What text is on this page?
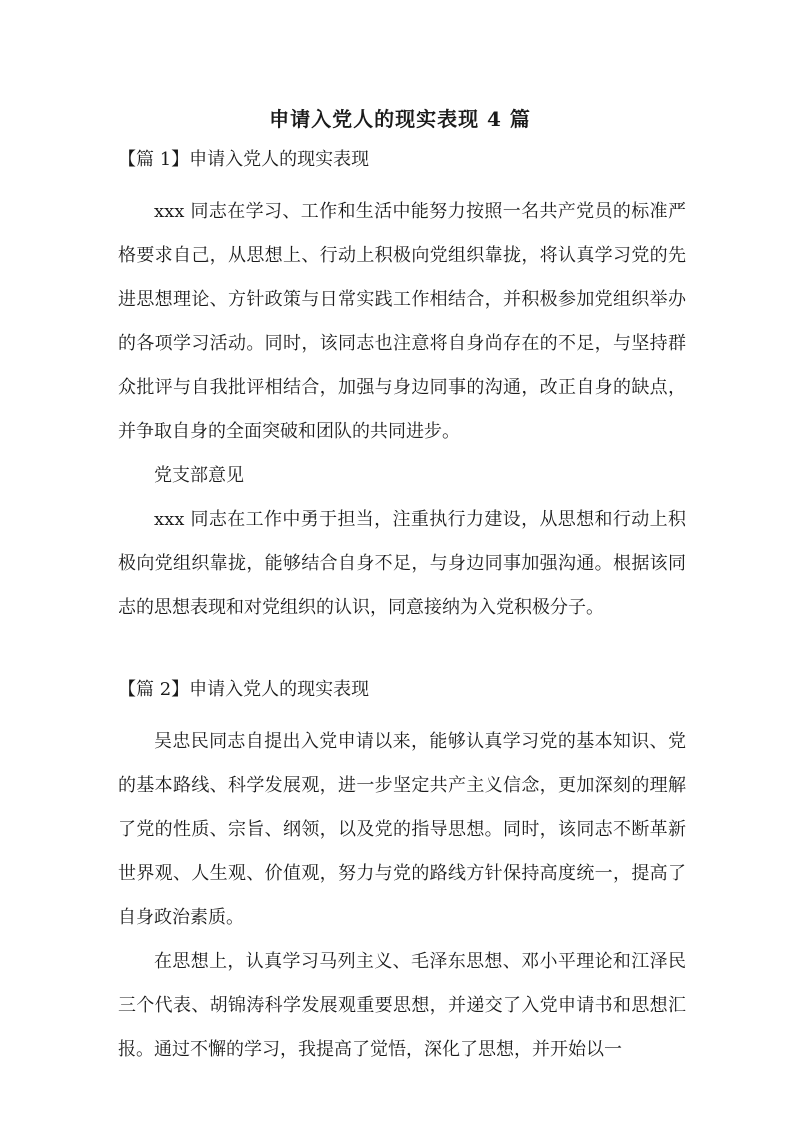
申请入党人的现实表现 4 篇
【篇 1】申请入党人的现实表现

xxx 同志在学习、工作和生活中能努力按照一名共产党员的标准严格要求自己，从思想上、行动上积极向党组织靠拢，将认真学习党的先进思想理论、方针政策与日常实践工作相结合，并积极参加党组织举办的各项学习活动。同时，该同志也注意将自身尚存在的不足，与坚持群众批评与自我批评相结合，加强与身边同事的沟通，改正自身的缺点，并争取自身的全面突破和团队的共同进步。

党支部意见

xxx 同志在工作中勇于担当，注重执行力建设，从思想和行动上积极向党组织靠拢，能够结合自身不足，与身边同事加强沟通。根据该同志的思想表现和对党组织的认识，同意接纳为入党积极分子。

【篇 2】申请入党人的现实表现

吴忠民同志自提出入党申请以来，能够认真学习党的基本知识、党的基本路线、科学发展观，进一步坚定共产主义信念，更加深刻的理解了党的性质、宗旨、纲领，以及党的指导思想。同时，该同志不断革新世界观、人生观、价值观，努力与党的路线方针保持高度统一，提高了自身政治素质。

在思想上，认真学习马列主义、毛泽东思想、邓小平理论和江泽民三个代表、胡锦涛科学发展观重要思想，并递交了入党申请书和思想汇报。通过不懈的学习，我提高了觉悟，深化了思想，并开始以一
